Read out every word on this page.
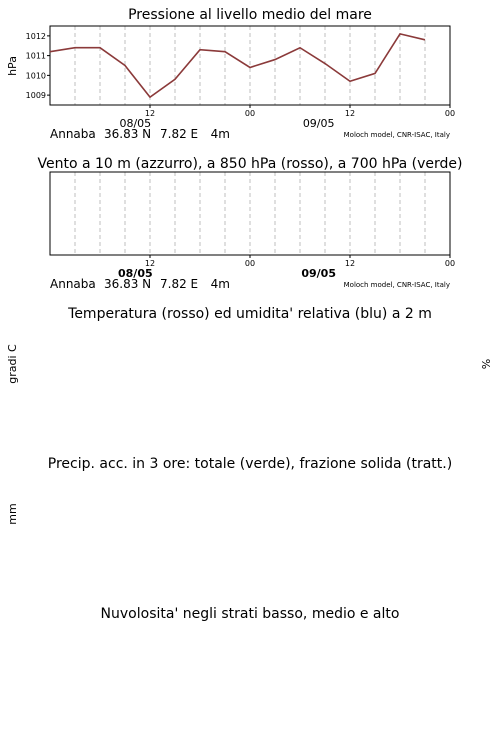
Pressione al livello medio del mare
hPa
12	00	12	00
08/05	09/05
Annaba 36.83 N 7.82 E 4m	Moloch model, CNR-ISAC, Italy
1009
1010
1011
1012
Vento a 10 m (azzurro), a 850 hPa (rosso), a 700 hPa (verde)
12	00	12	00
08/05	09/05
Annaba 36.83 N 7.82 E 4m	Moloch model, CNR-ISAC, Italy
Temperatura (rosso) ed umidita' relativa (blu) a 2 m
gradi C	%
Precip. acc. in 3 ore: totale (verde), frazione solida (tratt.)
mm
Nuvolosita' negli strati basso, medio e alto
